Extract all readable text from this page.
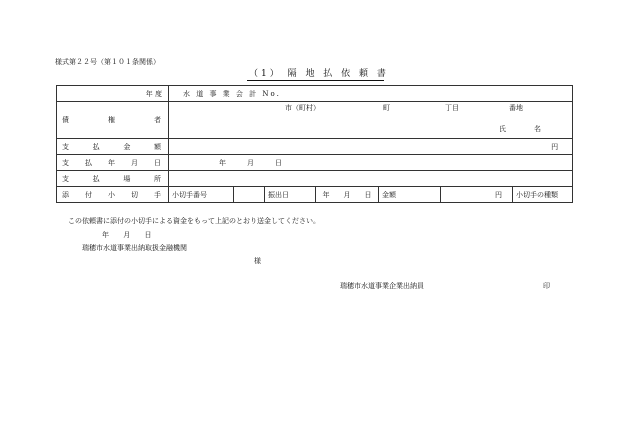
様式第２２号（第１０１条関係）
（1） 隔 地 払 依 頼 書
年 度	水 道 事 業 会 計 No.						

債 権 者	市（町村） 町 丁目 番地
氏　　　　名						

支 払 金 額	円						

支 払 年 月 日	年　　　月　　　日						

支 払 場 所							

添 付 小 切 手	小切手番号		振出日	年　　月　　日	金額	円	小切手の種類
この依頼書に添付の小切手による資金をもって上記のとおり送金してください。
年 月 日
瑞穂市水道事業出納取扱金融機関
様
瑞穂市水道事業企業出納員	印
